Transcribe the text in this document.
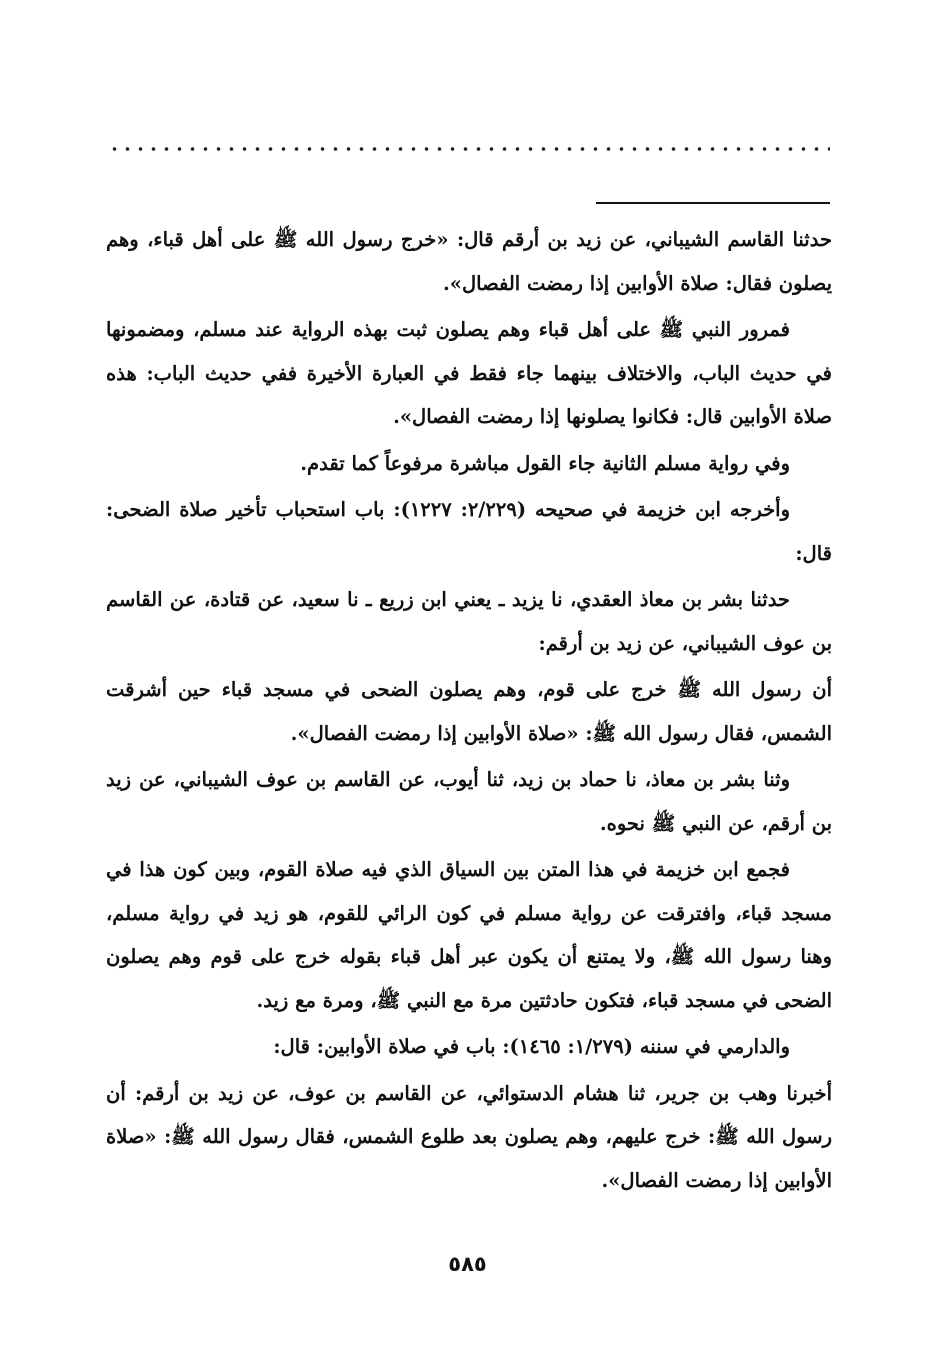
حدثنا القاسم الشيباني، عن زيد بن أرقم قال: «خرج رسول الله ﷺ على أهل قباء، وهم يصلون فقال: صلاة الأوابين إذا رمضت الفصال».

فمرور النبي ﷺ على أهل قباء وهم يصلون ثبت بهذه الرواية عند مسلم، ومضمونها في حديث الباب، والاختلاف بينهما جاء فقط في العبارة الأخيرة ففي حديث الباب: هذه صلاة الأوابين قال: فكانوا يصلونها إذا رمضت الفصال».

وفي رواية مسلم الثانية جاء القول مباشرة مرفوعاً كما تقدم.

وأخرجه ابن خزيمة في صحيحه (٢/٢٢٩: ١٢٢٧): باب استحباب تأخير صلاة الضحى: قال:

حدثنا بشر بن معاذ العقدي، نا يزيد ـ يعني ابن زريع ـ نا سعيد، عن قتادة، عن القاسم بن عوف الشيباني، عن زيد بن أرقم:

أن رسول الله ﷺ خرج على قوم، وهم يصلون الضحى في مسجد قباء حين أشرقت الشمس، فقال رسول الله ﷺ: «صلاة الأوابين إذا رمضت الفصال».

وثنا بشر بن معاذ، نا حماد بن زيد، ثنا أيوب، عن القاسم بن عوف الشيباني، عن زيد بن أرقم، عن النبي ﷺ نحوه.

فجمع ابن خزيمة في هذا المتن بين السياق الذي فيه صلاة القوم، وبين كون هذا في مسجد قباء، وافترقت عن رواية مسلم في كون الرائي للقوم، هو زيد في رواية مسلم، وهنا رسول الله ﷺ، ولا يمتنع أن يكون عبر أهل قباء بقوله خرج على قوم وهم يصلون الضحى في مسجد قباء، فتكون حادثتين مرة مع النبي ﷺ، ومرة مع زيد.

والدارمي في سننه (١/٢٧٩: ١٤٦٥): باب في صلاة الأوابين: قال:

أخبرنا وهب بن جرير، ثنا هشام الدستوائي، عن القاسم بن عوف، عن زيد بن أرقم: أن رسول الله ﷺ: خرج عليهم، وهم يصلون بعد طلوع الشمس، فقال رسول الله ﷺ: «صلاة الأوابين إذا رمضت الفصال».

٥٨٥
